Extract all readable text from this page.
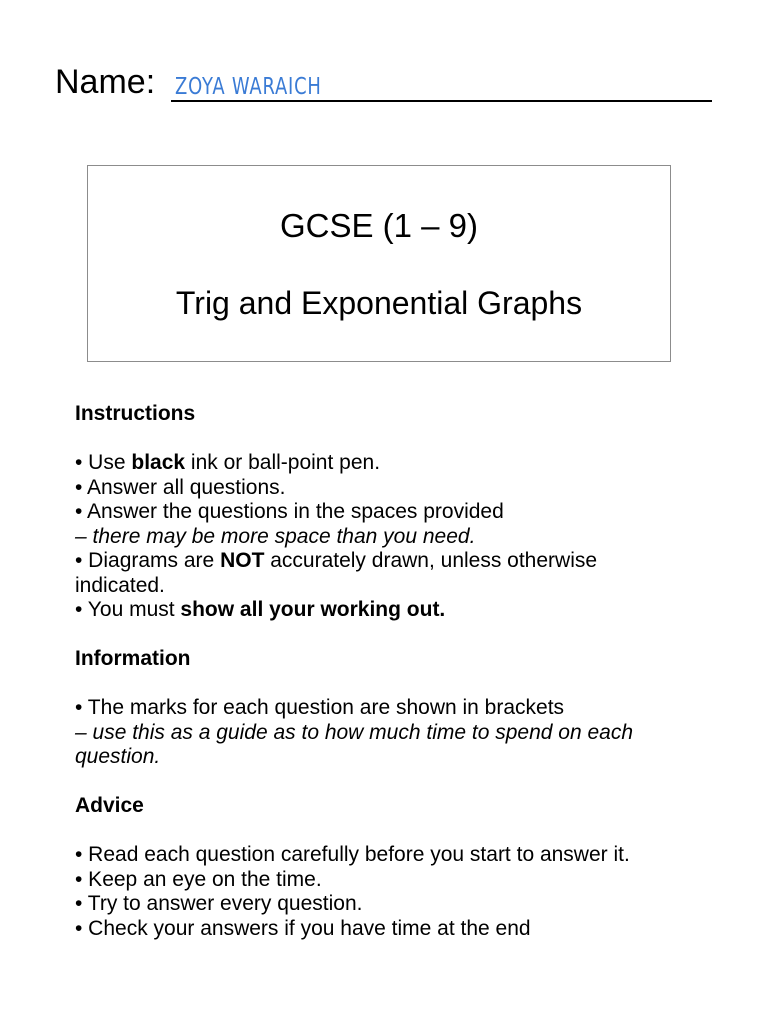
Name: ZOYA WARAICH
GCSE (1 – 9)
Trig and Exponential Graphs

Instructions

• Use black ink or ball-point pen.

• Answer all questions.

• Answer the questions in the spaces provided

– there may be more space than you need.

• Diagrams are NOT accurately drawn, unless otherwise

indicated.

• You must show all your working out.

Information

• The marks for each question are shown in brackets

– use this as a guide as to how much time to spend on each

question.

Advice

• Read each question carefully before you start to answer it.

• Keep an eye on the time.

• Try to answer every question.

• Check your answers if you have time at the end
